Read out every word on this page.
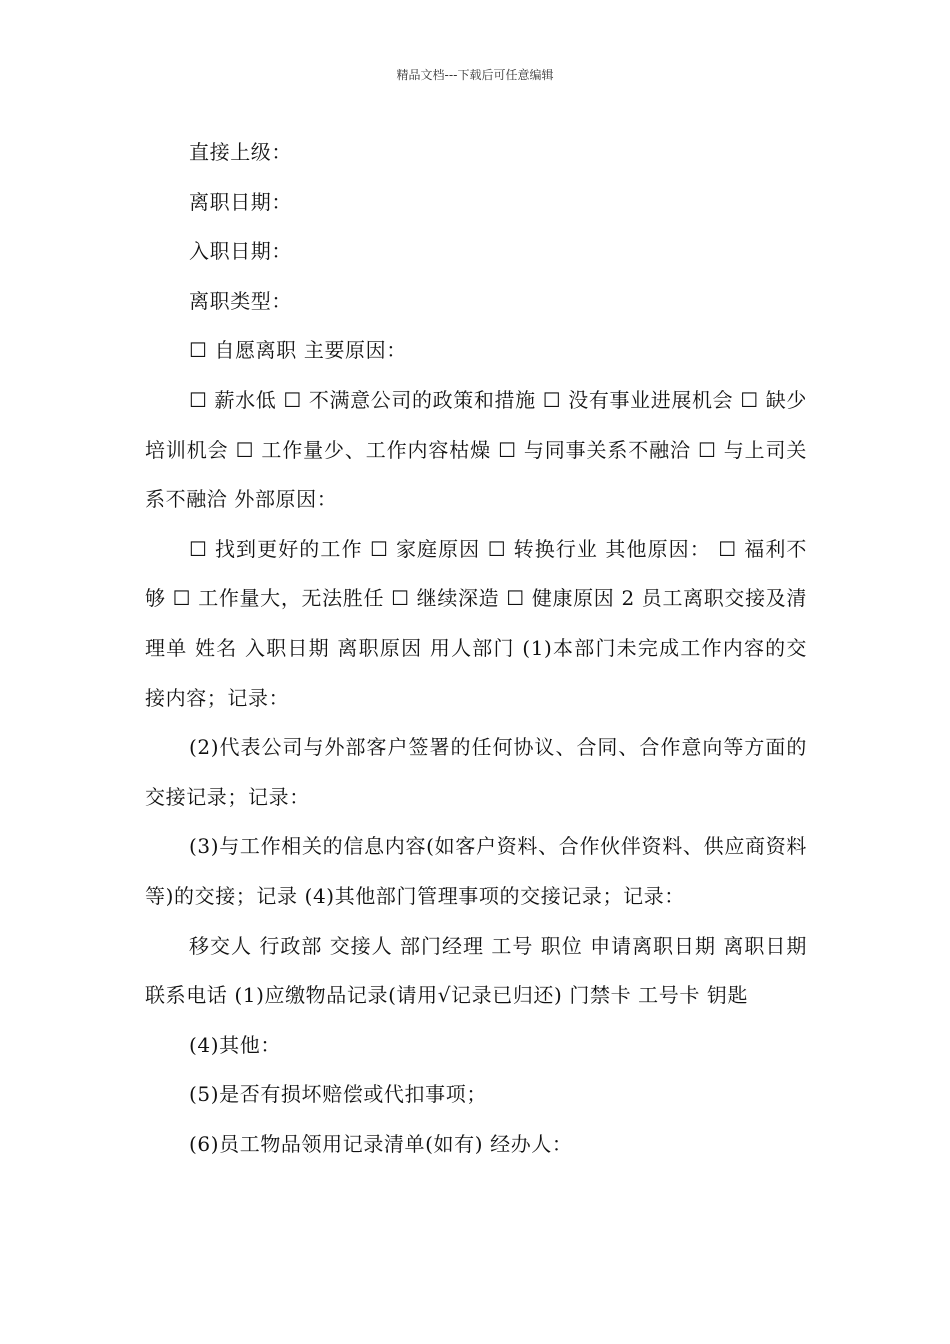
精品文档---下载后可任意编辑

直接上级：

离职日期：

入职日期：

离职类型：

☐ 自愿离职 主要原因：

☐ 薪水低 ☐ 不满意公司的政策和措施 ☐ 没有事业进展机会 ☐ 缺少培训机会 ☐ 工作量少、工作内容枯燥 ☐ 与同事关系不融洽 ☐ 与上司关系不融洽 外部原因：

☐ 找到更好的工作 ☐ 家庭原因 ☐ 转换行业 其他原因： ☐ 福利不够 ☐ 工作量大，无法胜任 ☐ 继续深造 ☐ 健康原因 2 员工离职交接及清理单 姓名 入职日期 离职原因 用人部门 (1)本部门未完成工作内容的交接内容；记录：

(2)代表公司与外部客户签署的任何协议、合同、合作意向等方面的交接记录；记录：

(3)与工作相关的信息内容(如客户资料、合作伙伴资料、供应商资料等)的交接；记录 (4)其他部门管理事项的交接记录；记录：

移交人 行政部 交接人 部门经理 工号 职位 申请离职日期 离职日期 联系电话 (1)应缴物品记录(请用√记录已归还) 门禁卡 工号卡 钥匙

(4)其他：

(5)是否有损坏赔偿或代扣事项；

(6)员工物品领用记录清单(如有) 经办人：
